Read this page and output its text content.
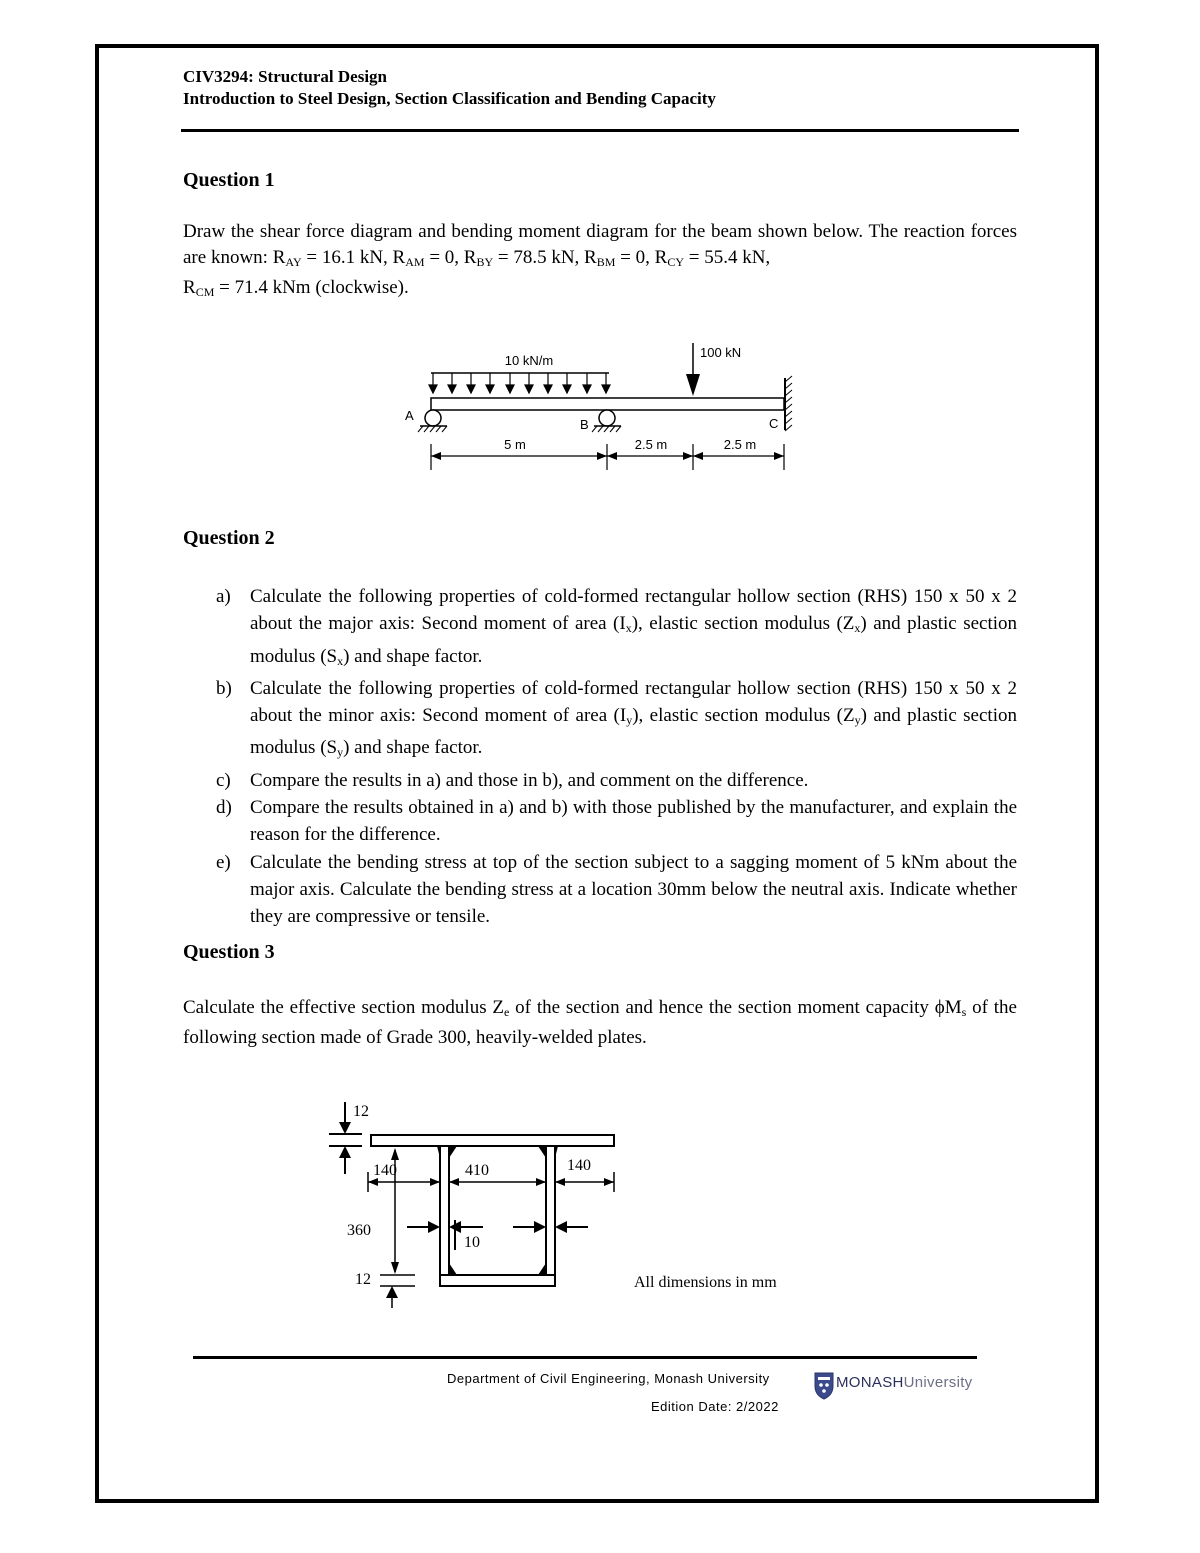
CIV3294: Structural Design
Introduction to Steel Design, Section Classification and Bending Capacity
Question 1
Draw the shear force diagram and bending moment diagram for the beam shown below. The reaction forces are known: $R_{AY} = 16.1$ kN, $R_{AM} = 0$, $R_{BY} = 78.5$ kN, $R_{BM} = 0$, $R_{CY} = 55.4$ kN,
$R_{CM} = 71.4$ kNm (clockwise).
10 kN/m
100 kN
A
B	C
5 m	2.5 m	2.5 m
Question 2
a) Calculate the following properties of cold-formed rectangular hollow section (RHS) 150 x 50 x 2 about the major axis: Second moment of area $(I_x)$, elastic section modulus $(Z_x)$ and plastic section modulus $(S_x)$ and shape factor.
b) Calculate the following properties of cold-formed rectangular hollow section (RHS) 150 x 50 x 2 about the minor axis: Second moment of area $(I_y)$, elastic section modulus $(Z_y)$ and plastic section modulus $(S_y)$ and shape factor.
c) Compare the results in a) and those in b), and comment on the difference.
d) Compare the results obtained in a) and b) with those published by the manufacturer, and explain the reason for the difference.
e) Calculate the bending stress at top of the section subject to a sagging moment of 5 kNm about the major axis. Calculate the bending stress at a location 30mm below the neutral axis. Indicate whether they are compressive or tensile.
Question 3
Calculate the effective section modulus $Z_e$ of the section and hence the section moment capacity $\phi M_s$ of the following section made of Grade 300, heavily-welded plates.
12
140	410	140
360
12
10
All dimensions in mm
Department of Civil Engineering, Monash University
Edition Date: 2/2022
MONASHUniversity
